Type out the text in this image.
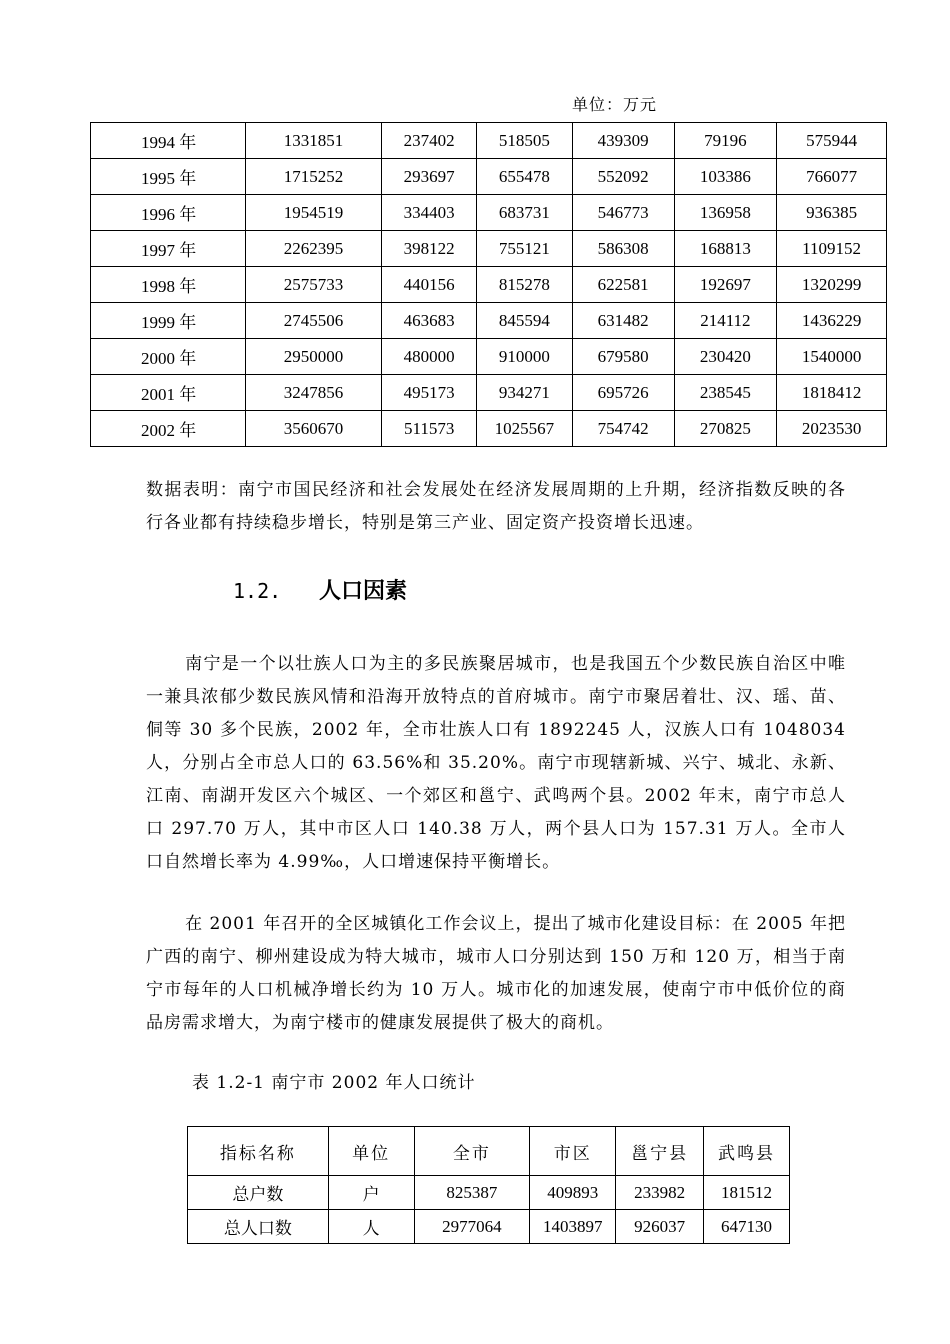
单位：万元
1994 年	1331851	237402	518505	439309	79196	575944
1995 年	1715252	293697	655478	552092	103386	766077
1996 年	1954519	334403	683731	546773	136958	936385
1997 年	2262395	398122	755121	586308	168813	1109152
1998 年	2575733	440156	815278	622581	192697	1320299
1999 年	2745506	463683	845594	631482	214112	1436229
2000 年	2950000	480000	910000	679580	230420	1540000
2001 年	3247856	495173	934271	695726	238545	1818412
2002 年	3560670	511573	1025567	754742	270825	2023530

数据表明：南宁市国民经济和社会发展处在经济发展周期的上升期，经济指数反映的各行各业都有持续稳步增长，特别是第三产业、固定资产投资增长迅速。

1.2. 人口因素

南宁是一个以壮族人口为主的多民族聚居城市，也是我国五个少数民族自治区中唯一兼具浓郁少数民族风情和沿海开放特点的首府城市。南宁市聚居着壮、汉、瑶、苗、侗等 30 多个民族，2002 年，全市壮族人口有 1892245 人，汉族人口有 1048034 人，分别占全市总人口的 63.56%和 35.20%。南宁市现辖新城、兴宁、城北、永新、江南、南湖开发区六个城区、一个郊区和邕宁、武鸣两个县。2002 年末，南宁市总人口 297.70 万人，其中市区人口 140.38 万人，两个县人口为 157.31 万人。全市人口自然增长率为 4.99‰，人口增速保持平衡增长。

在 2001 年召开的全区城镇化工作会议上，提出了城市化建设目标：在 2005 年把广西的南宁、柳州建设成为特大城市，城市人口分别达到 150 万和 120 万，相当于南宁市每年的人口机械净增长约为 10 万人。城市化的加速发展，使南宁市中低价位的商品房需求增大，为南宁楼市的健康发展提供了极大的商机。

表 1.2-1 南宁市 2002 年人口统计
指标名称	单位	全市	市区	邕宁县	武鸣县
总户数	户	825387	409893	233982	181512
总人口数	人	2977064	1403897	926037	647130
